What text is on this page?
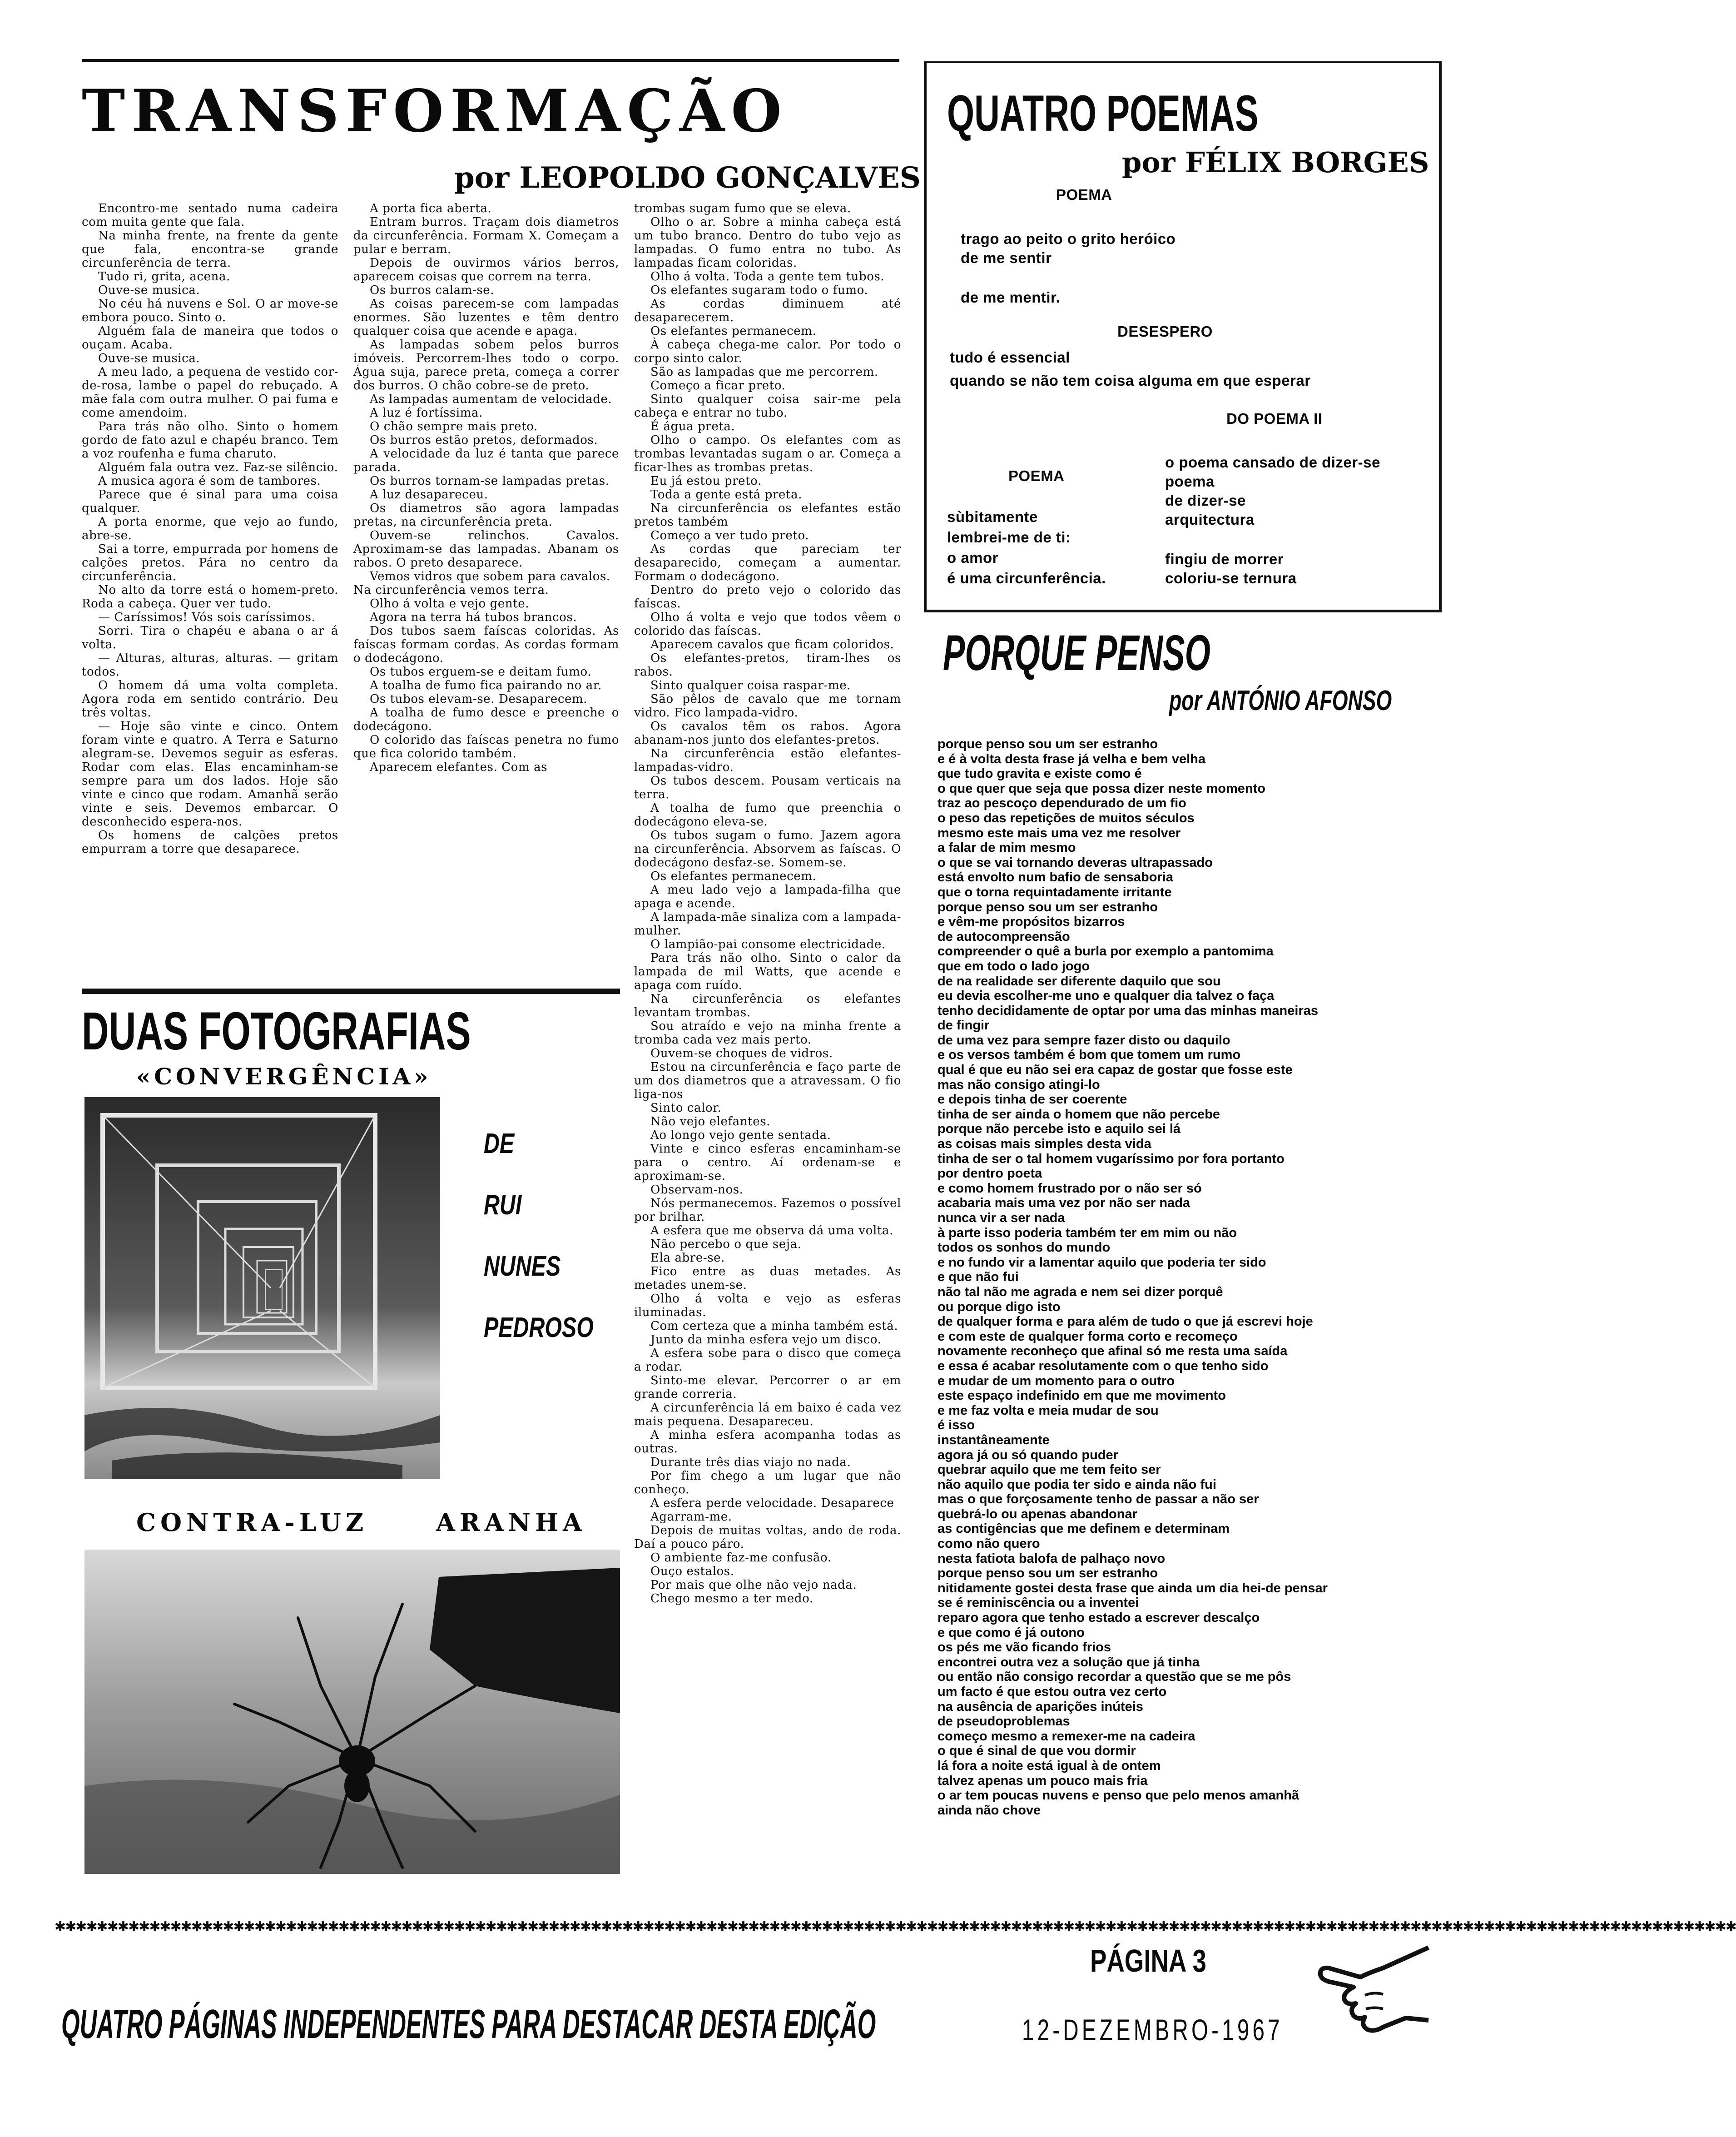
TRANSFORMAÇÃO
por LEOPOLDO GONÇALVES

Encontro-me sentado numa cadeira com muita gente que fala.

Na minha frente, na frente da gente que fala, encontra-se grande circunferência de terra.

Tudo ri, grita, acena.

Ouve-se musica.

No céu há nuvens e Sol. O ar move-se embora pouco. Sinto o.

Alguém fala de maneira que todos o ouçam. Acaba.

Ouve-se musica.

A meu lado, a pequena de vestido cor-de-rosa, lambe o papel do rebuçado. A mãe fala com outra mulher. O pai fuma e come amendoim.

Para trás não olho. Sinto o homem gordo de fato azul e chapéu branco. Tem a voz roufenha e fuma charuto.

Alguém fala outra vez. Faz-se silêncio.

A musica agora é som de tambores.

Parece que é sinal para uma coisa qualquer.

A porta enorme, que vejo ao fundo, abre-se.

Sai a torre, empurrada por homens de calções pretos. Pára no centro da circunferência.

No alto da torre está o homem-preto. Roda a cabeça. Quer ver tudo.

— Caríssimos! Vós sois caríssimos.

Sorri. Tira o chapéu e abana o ar á volta.

— Alturas, alturas, alturas. — gritam todos.

O homem dá uma volta completa. Agora roda em sentido contrário. Deu três voltas.

— Hoje são vinte e cinco. Ontem foram vinte e quatro. A Terra e Saturno alegram-se. Devemos seguir as esferas. Rodar com elas. Elas encaminham-se sempre para um dos lados. Hoje são vinte e cinco que rodam. Amanhã serão vinte e seis. Devemos embarcar. O desconhecido espera-nos.

Os homens de calções pretos empurram a torre que desaparece.

A porta fica aberta.

Entram burros. Traçam dois diametros da circunferência. Formam X. Começam a pular e berram.

Depois de ouvirmos vários berros, aparecem coisas que correm na terra.

Os burros calam-se.

As coisas parecem-se com lampadas enormes. São luzentes e têm dentro qualquer coisa que acende e apaga.

As lampadas sobem pelos burros imóveis. Percorrem-lhes todo o corpo. Água suja, parece preta, começa a correr dos burros. O chão cobre-se de preto.

As lampadas aumentam de velocidade.

A luz é fortíssima.

O chão sempre mais preto.

Os burros estão pretos, deformados.

A velocidade da luz é tanta que parece parada.

Os burros tornam-se lampadas pretas.

A luz desapareceu.

Os diametros são agora lampadas pretas, na circunferência preta.

Ouvem-se relinchos. Cavalos. Aproximam-se das lampadas. Abanam os rabos. O preto desaparece.

Vemos vidros que sobem para cavalos.

Na circunferência vemos terra.

Olho á volta e vejo gente.

Agora na terra há tubos brancos.

Dos tubos saem faíscas coloridas. As faíscas formam cordas. As cordas formam o dodecágono.

Os tubos erguem-se e deitam fumo.

A toalha de fumo fica pairando no ar.

Os tubos elevam-se. Desaparecem.

A toalha de fumo desce e preenche o dodecágono.

O colorido das faíscas penetra no fumo que fica colorido também.

Aparecem elefantes. Com as

trombas sugam fumo que se eleva.

Olho o ar. Sobre a minha cabeça está um tubo branco. Dentro do tubo vejo as lampadas. O fumo entra no tubo. As lampadas ficam coloridas.

Olho á volta. Toda a gente tem tubos.

Os elefantes sugaram todo o fumo.

As cordas diminuem até desaparecerem.

Os elefantes permanecem.

À cabeça chega-me calor. Por todo o corpo sinto calor.

São as lampadas que me percorrem.

Começo a ficar preto.

Sinto qualquer coisa sair-me pela cabeça e entrar no tubo.

É água preta.

Olho o campo. Os elefantes com as trombas levantadas sugam o ar. Começa a ficar-lhes as trombas pretas.

Eu já estou preto.

Toda a gente está preta.

Na circunferência os elefantes estão pretos também

Começo a ver tudo preto.

As cordas que pareciam ter desaparecido, começam a aumentar. Formam o dodecágono.

Dentro do preto vejo o colorido das faíscas.

Olho á volta e vejo que todos vêem o colorido das faíscas.

Aparecem cavalos que ficam coloridos.

Os elefantes-pretos, tiram-lhes os rabos.

Sinto qualquer coisa raspar-me.

São pêlos de cavalo que me tornam vidro. Fico lampada-vidro.

Os cavalos têm os rabos. Agora abanam-nos junto dos elefantes-pretos.

Na circunferência estão elefantes-lampadas-vidro.

Os tubos descem. Pousam verticais na terra.

A toalha de fumo que preenchia o dodecágono eleva-se.

Os tubos sugam o fumo. Jazem agora na circunferência. Absorvem as faíscas. O dodecágono desfaz-se. Somem-se.

Os elefantes permanecem.

A meu lado vejo a lampada-filha que apaga e acende.

A lampada-mãe sinaliza com a lampada-mulher.

O lampião-pai consome electricidade.

Para trás não olho. Sinto o calor da lampada de mil Watts, que acende e apaga com ruído.

Na circunferência os elefantes levantam trombas.

Sou atraído e vejo na minha frente a tromba cada vez mais perto.

Ouvem-se choques de vidros.

Estou na circunferência e faço parte de um dos diametros que a atravessam. O fio liga-nos

Sinto calor.

Não vejo elefantes.

Ao longo vejo gente sentada.

Vinte e cinco esferas encaminham-se para o centro. Aí ordenam-se e aproximam-se.

Observam-nos.

Nós permanecemos. Fazemos o possível por brilhar.

A esfera que me observa dá uma volta.

Não percebo o que seja.

Ela abre-se.

Fico entre as duas metades. As metades unem-se.

Olho á volta e vejo as esferas iluminadas.

Com certeza que a minha também está.

Junto da minha esfera vejo um disco.

A esfera sobe para o disco que começa a rodar.

Sinto-me elevar. Percorrer o ar em grande correria.

A circunferência lá em baixo é cada vez mais pequena. Desapareceu.

A minha esfera acompanha todas as outras.

Durante três dias viajo no nada.

Por fim chego a um lugar que não conheço.

A esfera perde velocidade. Desaparece

Agarram-me.

Depois de muitas voltas, ando de roda. Daí a pouco páro.

O ambiente faz-me confusão.

Ouço estalos.

Por mais que olhe não vejo nada.

Chego mesmo a ter medo.

DUAS FOTOGRAFIAS
«CONVERGÊNCIA»
DE
RUI
NUNES
PEDROSO
CONTRA-LUZ	ARANHA
QUATRO POEMAS
por FÉLIX BORGES
POEMA
trago ao peito o grito heróico
de me sentir
de me mentir.
DESESPERO
tudo é essencial
quando se não tem coisa alguma em que esperar
DO POEMA II
o poema cansado de dizer-se
poema
de dizer-se
arquitectura
fingiu de morrer
coloriu-se ternura
POEMA
sùbitamente
lembrei-me de ti:
o amor
é uma circunferência.
PORQUE PENSO
por ANTÓNIO AFONSO
porque penso sou um ser estranho
e é à volta desta frase já velha e bem velha
que tudo gravita e existe como é
o que quer que seja que possa dizer neste momento
traz ao pescoço dependurado de um fio
o peso das repetições de muitos séculos
mesmo este mais uma vez me resolver
a falar de mim mesmo
o que se vai tornando deveras ultrapassado
está envolto num bafio de sensaboria
que o torna requintadamente irritante
porque penso sou um ser estranho
e vêm-me propósitos bizarros
de autocompreensão
compreender o quê a burla por exemplo a pantomima
que em todo o lado jogo
de na realidade ser diferente daquilo que sou
eu devia escolher-me uno e qualquer dia talvez o faça
tenho decididamente de optar por uma das minhas maneiras
de fingir
de uma vez para sempre fazer disto ou daquilo
e os versos também é bom que tomem um rumo
qual é que eu não sei era capaz de gostar que fosse este
mas não consigo atingi-lo
e depois tinha de ser coerente
tinha de ser ainda o homem que não percebe
porque não percebe isto e aquilo sei lá
as coisas mais simples desta vida
tinha de ser o tal homem vugaríssimo por fora portanto
por dentro poeta
e como homem frustrado por o não ser só
acabaria mais uma vez por não ser nada
nunca vir a ser nada
à parte isso poderia também ter em mim ou não
todos os sonhos do mundo
e no fundo vir a lamentar aquilo que poderia ter sido
e que não fui
não tal não me agrada e nem sei dizer porquê
ou porque digo isto
de qualquer forma e para além de tudo o que já escrevi hoje
e com este de qualquer forma corto e recomeço
novamente reconheço que afinal só me resta uma saída
e essa é acabar resolutamente com o que tenho sido
e mudar de um momento para o outro
este espaço indefinido em que me movimento
e me faz volta e meia mudar de sou
é isso
instantâneamente
agora já ou só quando puder
quebrar aquilo que me tem feito ser
não aquilo que podia ter sido e ainda não fui
mas o que forçosamente tenho de passar a não ser
quebrá-lo ou apenas abandonar
as contigências que me definem e determinam
como não quero
nesta fatiota balofa de palhaço novo
porque penso sou um ser estranho
nitidamente gostei desta frase que ainda um dia hei-de pensar
se é reminiscência ou a inventei
reparo agora que tenho estado a escrever descalço
e que como é já outono
os pés me vão ficando frios
encontrei outra vez a solução que já tinha
ou então não consigo recordar a questão que se me pôs
um facto é que estou outra vez certo
na ausência de aparições inúteis
de pseudoproblemas
começo mesmo a remexer-me na cadeira
o que é sinal de que vou dormir
lá fora a noite está igual à de ontem
talvez apenas um pouco mais fria
o ar tem poucas nuvens e penso que pelo menos amanhã
ainda não chove
✱✱✱✱✱✱✱✱✱✱✱✱✱✱✱✱✱✱✱✱✱✱✱✱✱✱✱✱✱✱✱✱✱✱✱✱✱✱✱✱✱✱✱✱✱✱✱✱✱✱✱✱✱✱✱✱✱✱✱✱✱✱✱✱✱✱✱✱✱✱✱✱✱✱✱✱✱✱✱✱✱✱✱✱✱✱✱✱✱✱✱✱✱✱✱✱✱✱✱✱✱✱✱✱✱✱✱✱✱✱✱✱✱✱✱✱✱✱✱✱✱✱✱✱✱✱✱✱✱✱✱✱✱✱✱✱✱✱✱✱✱✱✱✱✱✱✱✱✱✱✱✱✱✱✱✱✱✱✱✱
PÁGINA 3
QUATRO PÁGINAS INDEPENDENTES PARA DESTACAR DESTA EDIÇÃO	12-DEZEMBRO-1967
